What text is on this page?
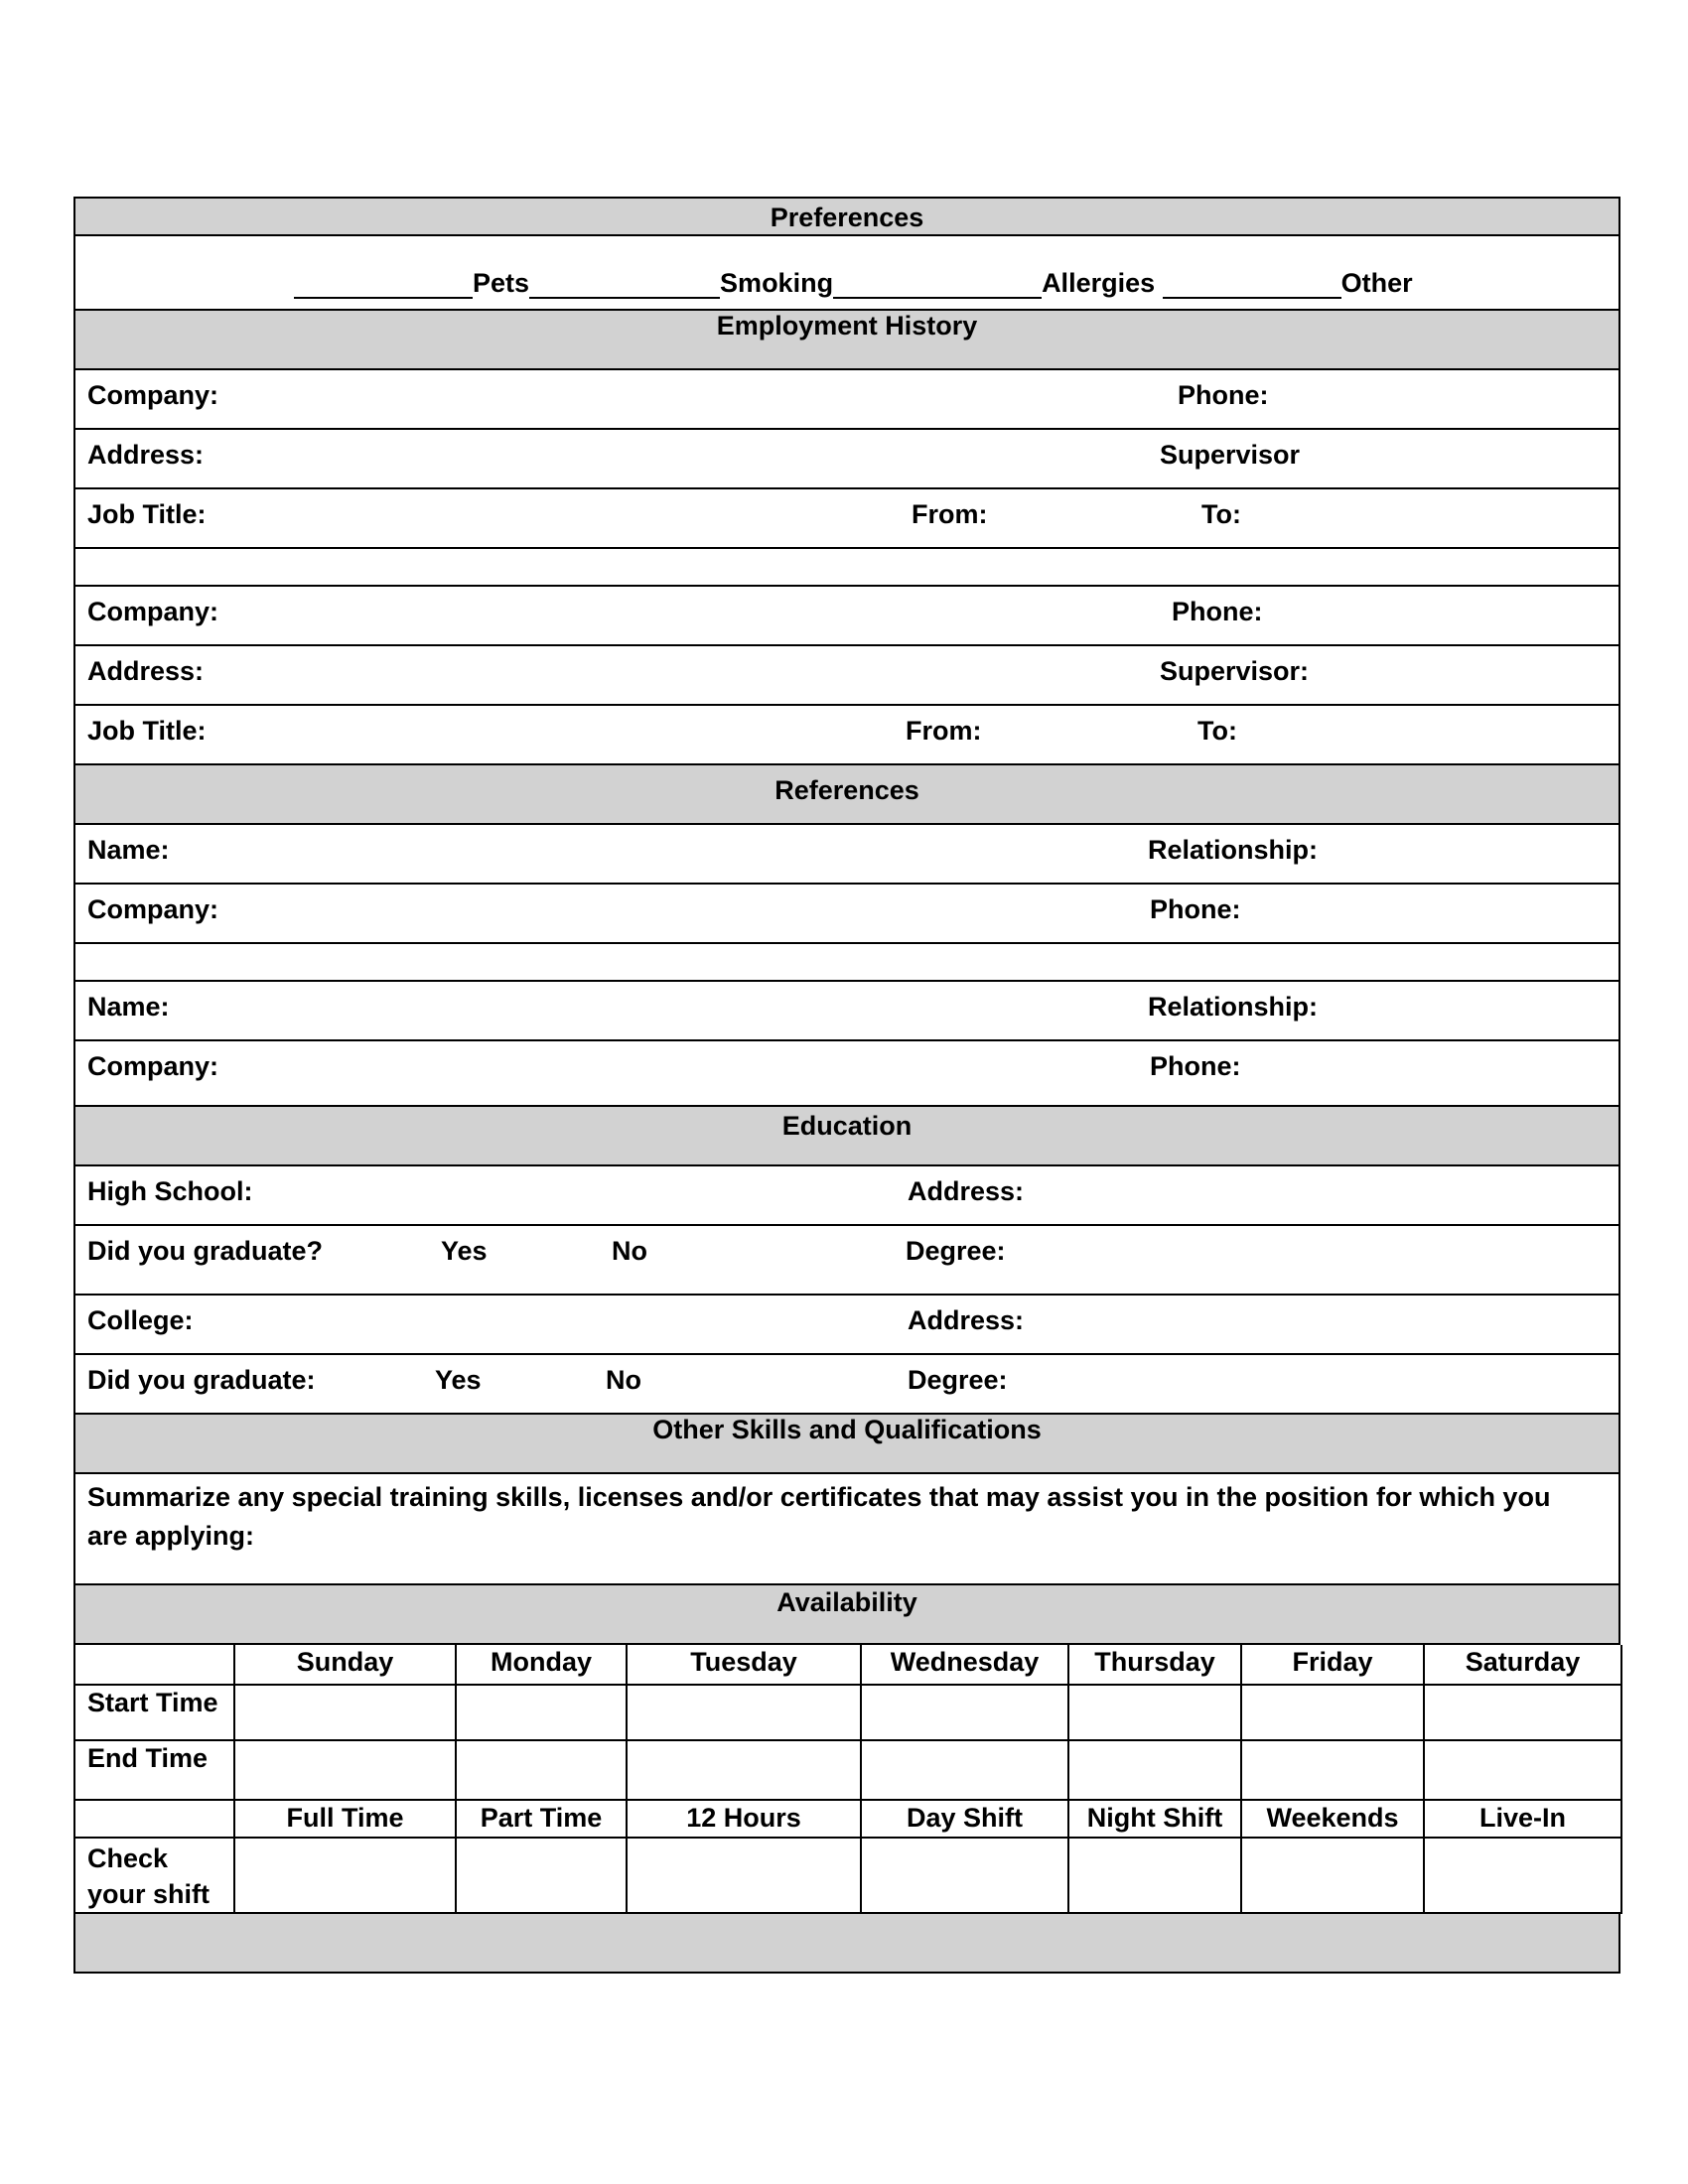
Preferences
Pets	Smoking	Allergies	Other
Employment History
Company:	Phone:
Address:	Supervisor
Job Title:	From:	To:
Company:	Phone:
Address:	Supervisor:
Job Title:	From:	To:
References
Name:	Relationship:
Company:	Phone:
Name:	Relationship:
Company:	Phone:
Education
High School:	Address:
Did you graduate?	Yes	No	Degree:
College:	Address:
Did you graduate:	Yes	No	Degree:
Other Skills and Qualifications
Summarize any special training skills, licenses and/or certificates that may assist you in the position for which you are applying:
Availability
	Sunday	Monday	Tuesday	Wednesday	Thursday	Friday	Saturday
Start Time							
End Time							
	Full Time	Part Time	12 Hours	Day Shift	Night Shift	Weekends	Live-In
Check your shift							
